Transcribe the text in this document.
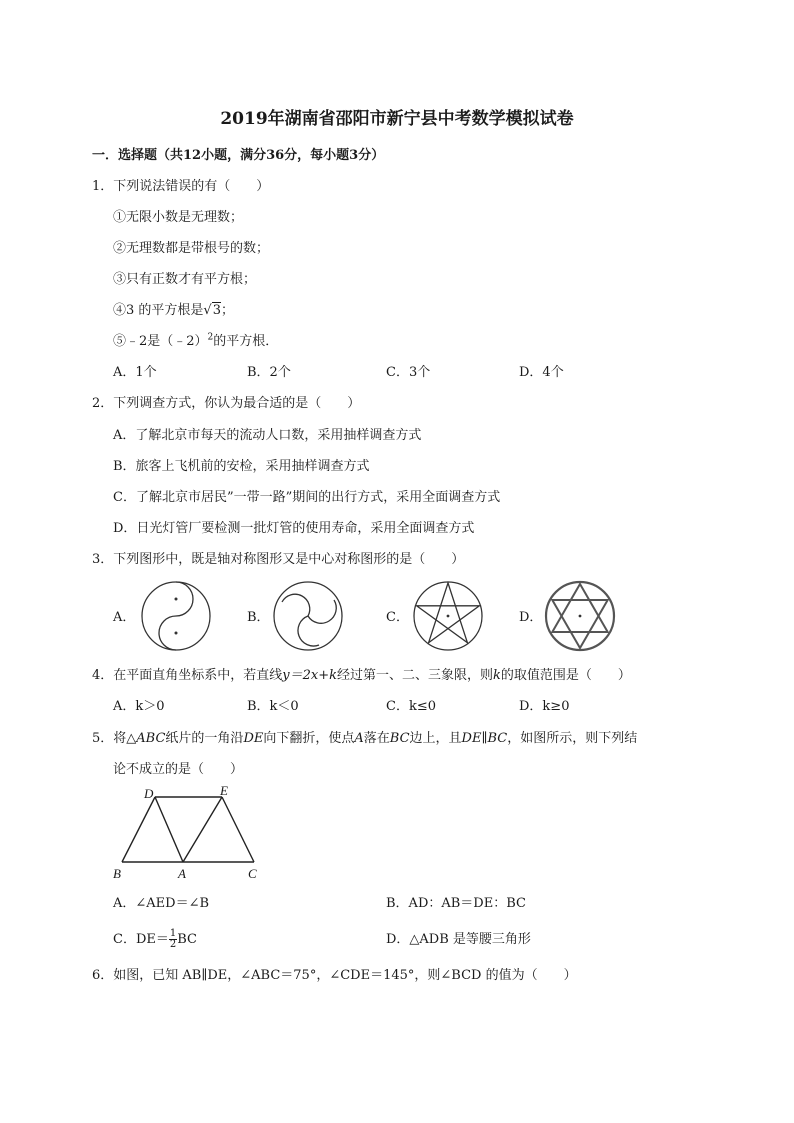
2019年湖南省邵阳市新宁县中考数学模拟试卷
一．选择题（共12小题，满分36分，每小题3分）
1．下列说法错误的有（　　）
①无限小数是无理数；
②无理数都是带根号的数；
③只有正数才有平方根；
④3 的平方根是√3；
⑤﹣2是（﹣2）$^2$的平方根．
A．1个	B．2个	C．3个	D．4个
2．下列调查方式，你认为最合适的是（　　）
A．了解北京市每天的流动人口数，采用抽样调查方式
B．旅客上飞机前的安检，采用抽样调查方式
C．了解北京市居民”一带一路”期间的出行方式，采用全面调查方式
D．日光灯管厂要检测一批灯管的使用寿命，采用全面调查方式
3．下列图形中，既是轴对称图形又是中心对称图形的是（　　）
A．	B．	C．	D．
4．在平面直角坐标系中，若直线y＝2x+k经过第一、二、三象限，则k的取值范围是（　　）
A．k＞0	B．k＜0	C．k≤0	D．k≥0
5．将△ABC纸片的一角沿DE向下翻折，使点A落在BC边上，且DE∥BC，如图所示，则下列结
论不成立的是（　　）
D	E
B	A	C
A．∠AED＝∠B	B．AD：AB＝DE：BC
C．$DE= \frac{1}{2}$ BC	D．△ADB 是等腰三角形
6．如图，已知 AB∥DE，∠ABC＝75°，∠CDE＝145°，则∠BCD 的值为（　　）
